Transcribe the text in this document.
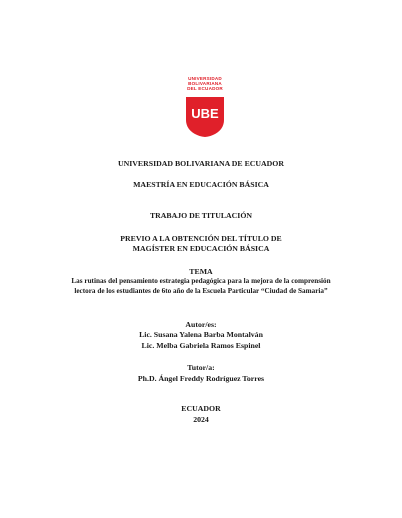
UNIVERSIDAD
BOLIVARIANA
DEL ECUADOR
UBE
UNIVERSIDAD BOLIVARIANA DE ECUADOR
MAESTRÍA EN EDUCACIÓN BÁSICA
TRABAJO DE TITULACIÓN
PREVIO A LA OBTENCIÓN DEL TÍTULO DE
MAGÍSTER EN EDUCACIÓN BÁSICA
TEMA
Las rutinas del pensamiento estrategia pedagógica para la mejora de la comprensión
lectora de los estudiantes de 6to año de la Escuela Particular “Ciudad de Samaria”
Autor/es:
Lic. Susana Yalena Barba Montalván
Lic. Melba Gabriela Ramos Espinel
Tutor/a:
Ph.D. Ángel Freddy Rodríguez Torres
ECUADOR
2024
